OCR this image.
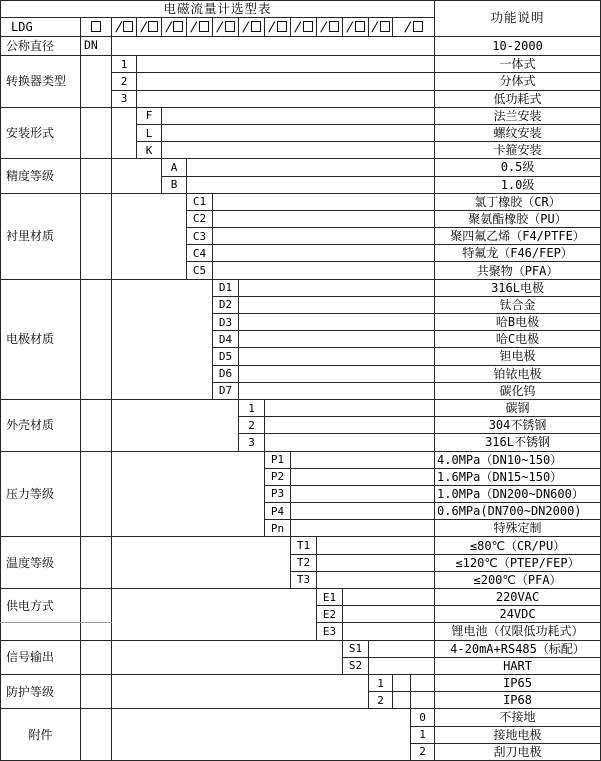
电磁流量计选型表															功能说明
LDG		/	/	/	/	/	/	/	/	/	/	/	/		
公称直径	DN														10-2000
转换器类型		1													一体式
		2													分体式
		3													低功耗式
安装形式			F												法兰安装
			L												螺纹安装
			K												卡箍安装
精度等级				A											0.5级
				B											1.0级
衬里材质					C1										氯丁橡胶（CR）
					C2										聚氨酯橡胶（PU）
					C3										聚四氟乙烯（F4/PTFE）
					C4										特氟龙（F46/FEP）
					C5										共聚物（PFA）
电极材质						D1									316L电极
						D2									钛合金
						D3									哈B电极
						D4									哈C电极
						D5									钽电极
						D6									铂铱电极
						D7									碳化钨
外壳材质							1								碳钢
							2								304不锈钢
							3								316L不锈钢
压力等级								P1							4.0MPa（DN10~150）
								P2							1.6MPa（DN15~150）
								P3							1.0MPa（DN200~DN600）
								P4							0.6MPa(DN700~DN2000)
								Pn							特殊定制
温度等级									T1						≤80℃（CR/PU）
									T2						≤120℃（PTEP/FEP）
									T3						≤200℃（PFA）
供电方式										E1					220VAC
										E2					24VDC
										E3					锂电池（仅限低功耗式）
信号输出											S1				4-20mA+RS485（标配）
											S2				HART
防护等级												1			IP65
												2			IP68
附件														0	不接地
														1	接地电极
														2	刮刀电极
